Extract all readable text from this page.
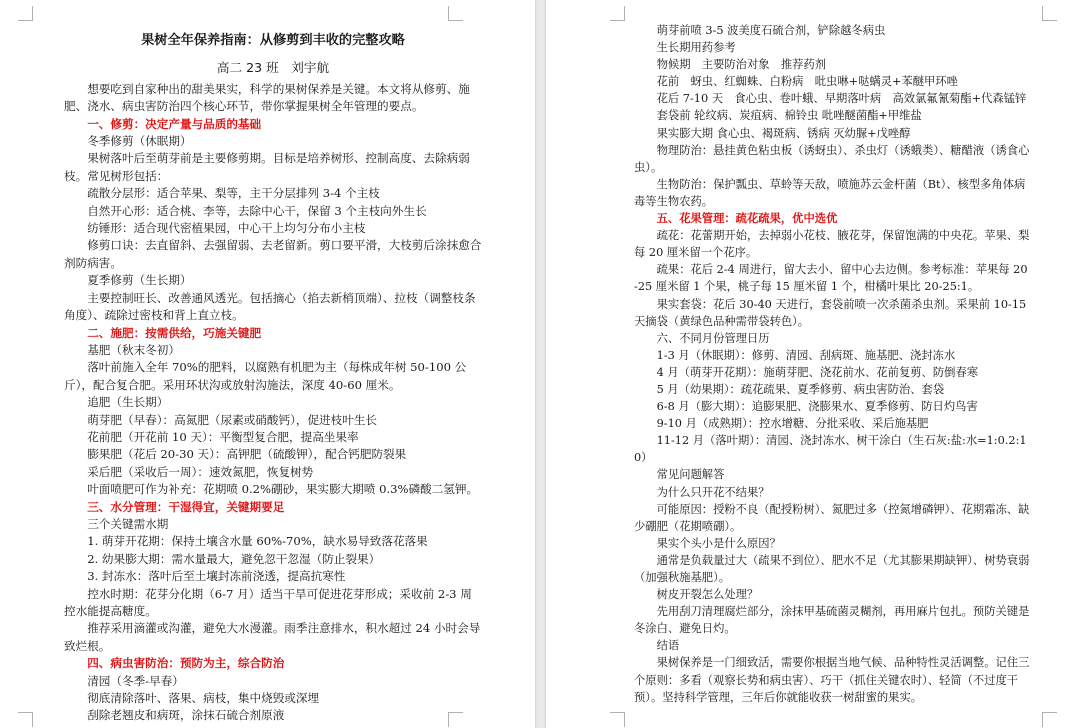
果树全年保养指南：从修剪到丰收的完整攻略

高二 23 班　刘宇航

想要吃到自家种出的甜美果实，科学的果树保养是关键。本文将从修剪、施肥、浇水、病虫害防治四个核心环节，带你掌握果树全年管理的要点。

一、修剪：决定产量与品质的基础

冬季修剪（休眠期）

果树落叶后至萌芽前是主要修剪期。目标是培养树形、控制高度、去除病弱枝。常见树形包括：

疏散分层形：适合苹果、梨等，主干分层排列 3-4 个主枝

自然开心形：适合桃、李等，去除中心干，保留 3 个主枝向外生长

纺锤形：适合现代密植果园，中心干上均匀分布小主枝

修剪口诀：去直留斜、去强留弱、去老留新。剪口要平滑，大枝剪后涂抹愈合剂防病害。

夏季修剪（生长期）

主要控制旺长、改善通风透光。包括摘心（掐去新梢顶端）、拉枝（调整枝条角度）、疏除过密枝和背上直立枝。

二、施肥：按需供给，巧施关键肥

基肥（秋末冬初）

落叶前施入全年 70%的肥料，以腐熟有机肥为主（每株成年树 50-100 公斤），配合复合肥。采用环状沟或放射沟施法，深度 40-60 厘米。

追肥（生长期）

萌芽肥（早春）：高氮肥（尿素或硝酸钙），促进枝叶生长

花前肥（开花前 10 天）：平衡型复合肥，提高坐果率

膨果肥（花后 20-30 天）：高钾肥（硫酸钾），配合钙肥防裂果

采后肥（采收后一周）：速效氮肥，恢复树势

叶面喷肥可作为补充：花期喷 0.2%硼砂，果实膨大期喷 0.3%磷酸二氢钾。

三、水分管理：干湿得宜，关键期要足

三个关键需水期

1. 萌芽开花期：保持土壤含水量 60%-70%，缺水易导致落花落果

2. 幼果膨大期：需水量最大，避免忽干忽湿（防止裂果）

3. 封冻水：落叶后至土壤封冻前浇透，提高抗寒性

控水时期：花芽分化期（6-7 月）适当干旱可促进花芽形成；采收前 2-3 周控水能提高糖度。

推荐采用滴灌或沟灌，避免大水漫灌。雨季注意排水，积水超过 24 小时会导致烂根。

四、病虫害防治：预防为主，综合防治

清园（冬季-早春）

彻底清除落叶、落果、病枝，集中烧毁或深埋

刮除老翘皮和病斑，涂抹石硫合剂原液

萌芽前喷 3-5 波美度石硫合剂，铲除越冬病虫

生长期用药参考

物候期　主要防治对象　推荐药剂

花前　蚜虫、红蜘蛛、白粉病　吡虫啉+哒螨灵+苯醚甲环唑

花后 7-10 天　食心虫、卷叶蛾、早期落叶病　高效氯氟氰菊酯+代森锰锌

套袋前 轮纹病、炭疽病、棉铃虫 吡唑醚菌酯+甲维盐

果实膨大期 食心虫、褐斑病、锈病 灭幼脲+戊唑醇

物理防治：悬挂黄色粘虫板（诱蚜虫）、杀虫灯（诱蛾类）、糖醋液（诱食心虫）。

生物防治：保护瓢虫、草蛉等天敌，喷施苏云金杆菌（Bt）、核型多角体病毒等生物农药。

五、花果管理：疏花疏果，优中选优

疏花：花蕾期开始，去掉弱小花枝、腋花芽，保留饱满的中央花。苹果、梨每 20 厘米留一个花序。

疏果：花后 2-4 周进行，留大去小、留中心去边侧。参考标准：苹果每 20-25 厘米留 1 个果，桃子每 15 厘米留 1 个，柑橘叶果比 20-25:1。

果实套袋：花后 30-40 天进行，套袋前喷一次杀菌杀虫剂。采果前 10-15 天摘袋（黄绿色品种需带袋转色）。

六、不同月份管理日历

1-3 月（休眠期）：修剪、清园、刮病斑、施基肥、浇封冻水

4 月（萌芽开花期）：施萌芽肥、浇花前水、花前复剪、防倒春寒

5 月（幼果期）：疏花疏果、夏季修剪、病虫害防治、套袋

6-8 月（膨大期）：追膨果肥、浇膨果水、夏季修剪、防日灼鸟害

9-10 月（成熟期）：控水增糖、分批采收、采后施基肥

11-12 月（落叶期）：清园、浇封冻水、树干涂白（生石灰:盐:水=1:0.2:10）

常见问题解答

为什么只开花不结果？

可能原因：授粉不良（配授粉树）、氮肥过多（控氮增磷钾）、花期霜冻、缺少硼肥（花期喷硼）。

果实个头小是什么原因？

通常是负载量过大（疏果不到位）、肥水不足（尤其膨果期缺钾）、树势衰弱（加强秋施基肥）。

树皮开裂怎么处理？

先用刮刀清理腐烂部分，涂抹甲基硫菌灵糊剂，再用麻片包扎。预防关键是冬涂白、避免日灼。

结语

果树保养是一门细致活，需要你根据当地气候、品种特性灵活调整。记住三个原则：多看（观察长势和病虫害）、巧干（抓住关键农时）、轻简（不过度干预）。坚持科学管理，三年后你就能收获一树甜蜜的果实。
